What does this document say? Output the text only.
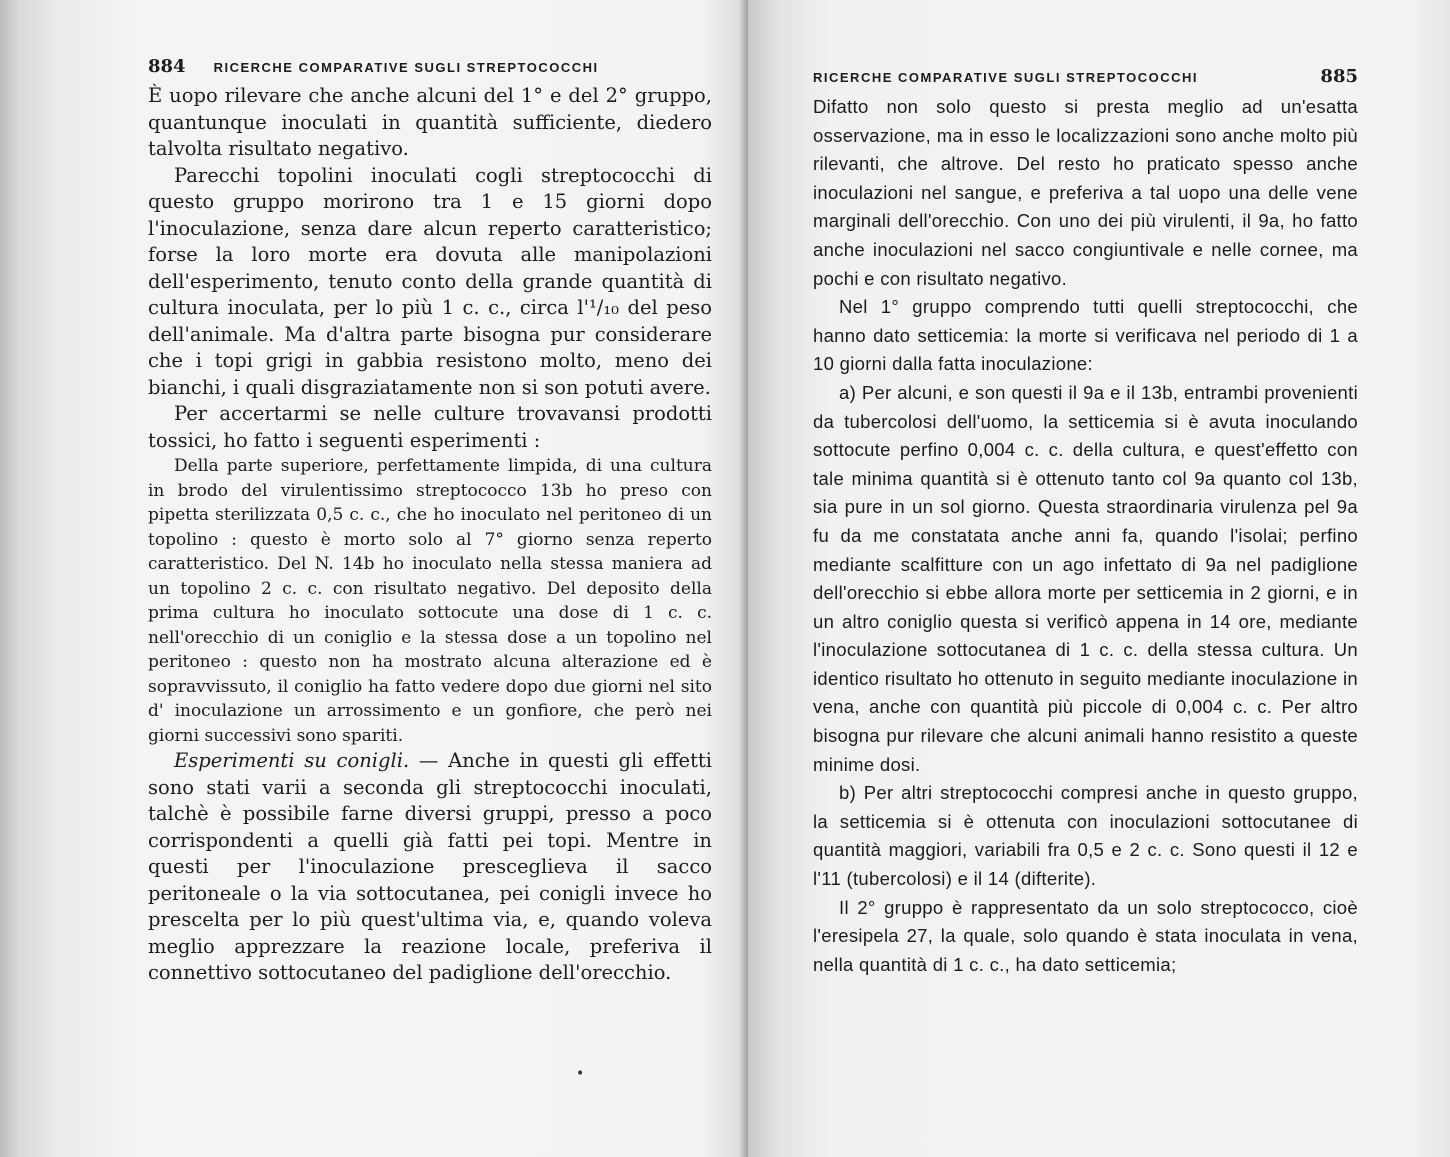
884 RICERCHE COMPARATIVE SUGLI STREPTOCOCCHI

È uopo rilevare che anche alcuni del 1° e del 2° gruppo, quantunque inoculati in quantità sufficiente, diedero talvolta risultato negativo.

Parecchi topolini inoculati cogli streptococchi di questo gruppo morirono tra 1 e 15 giorni dopo l'inoculazione, senza dare alcun reperto caratteristico; forse la loro morte era dovuta alle manipolazioni dell'esperimento, tenuto conto della grande quantità di cultura inoculata, per lo più 1 c. c., circa l'¹/₁₀ del peso dell'animale. Ma d'altra parte bisogna pur considerare che i topi grigi in gabbia resistono molto, meno dei bianchi, i quali disgraziatamente non si son potuti avere.

Per accertarmi se nelle culture trovavansi prodotti tossici, ho fatto i seguenti esperimenti :

Della parte superiore, perfettamente limpida, di una cultura in brodo del virulentissimo streptococco 13b ho preso con pipetta sterilizzata 0,5 c. c., che ho inoculato nel peritoneo di un topolino : questo è morto solo al 7° giorno senza reperto caratteristico. Del N. 14b ho inoculato nella stessa maniera ad un topolino 2 c. c. con risultato negativo. Del deposito della prima cultura ho inoculato sottocute una dose di 1 c. c. nell'orecchio di un coniglio e la stessa dose a un topolino nel peritoneo : questo non ha mostrato alcuna alterazione ed è sopravvissuto, il coniglio ha fatto vedere dopo due giorni nel sito d' inoculazione un arrossimento e un gonfiore, che però nei giorni successivi sono spariti.

Esperimenti su conigli. — Anche in questi gli effetti sono stati varii a seconda gli streptococchi inoculati, talchè è possibile farne diversi gruppi, presso a poco corrispondenti a quelli già fatti pei topi. Mentre in questi per l'inoculazione presceglieva il sacco peritoneale o la via sottocutanea, pei conigli invece ho prescelta per lo più quest'ultima via, e, quando voleva meglio apprezzare la reazione locale, preferiva il connettivo sottocutaneo del padiglione dell'orecchio.

RICERCHE COMPARATIVE SUGLI STREPTOCOCCHI	885

Difatto non solo questo si presta meglio ad un'esatta osservazione, ma in esso le localizzazioni sono anche molto più rilevanti, che altrove. Del resto ho praticato spesso anche inoculazioni nel sangue, e preferiva a tal uopo una delle vene marginali dell'orecchio. Con uno dei più virulenti, il 9a, ho fatto anche inoculazioni nel sacco congiuntivale e nelle cornee, ma pochi e con risultato negativo.

Nel 1° gruppo comprendo tutti quelli streptococchi, che hanno dato setticemia: la morte si verificava nel periodo di 1 a 10 giorni dalla fatta inoculazione:

a) Per alcuni, e son questi il 9a e il 13b, entrambi provenienti da tubercolosi dell'uomo, la setticemia si è avuta inoculando sottocute perfino 0,004 c. c. della cultura, e quest'effetto con tale minima quantità si è ottenuto tanto col 9a quanto col 13b, sia pure in un sol giorno. Questa straordinaria virulenza pel 9a fu da me constatata anche anni fa, quando l'isolai; perfino mediante scalfitture con un ago infettato di 9a nel padiglione dell'orecchio si ebbe allora morte per setticemia in 2 giorni, e in un altro coniglio questa si verificò appena in 14 ore, mediante l'inoculazione sottocutanea di 1 c. c. della stessa cultura. Un identico risultato ho ottenuto in seguito mediante inoculazione in vena, anche con quantità più piccole di 0,004 c. c. Per altro bisogna pur rilevare che alcuni animali hanno resistito a queste minime dosi.

b) Per altri streptococchi compresi anche in questo gruppo, la setticemia si è ottenuta con inoculazioni sottocutanee di quantità maggiori, variabili fra 0,5 e 2 c. c. Sono questi il 12 e l'11 (tubercolosi) e il 14 (difterite).

Il 2° gruppo è rappresentato da un solo streptococco, cioè l'eresipela 27, la quale, solo quando è stata inoculata in vena, nella quantità di 1 c. c., ha dato setticemia;

•
